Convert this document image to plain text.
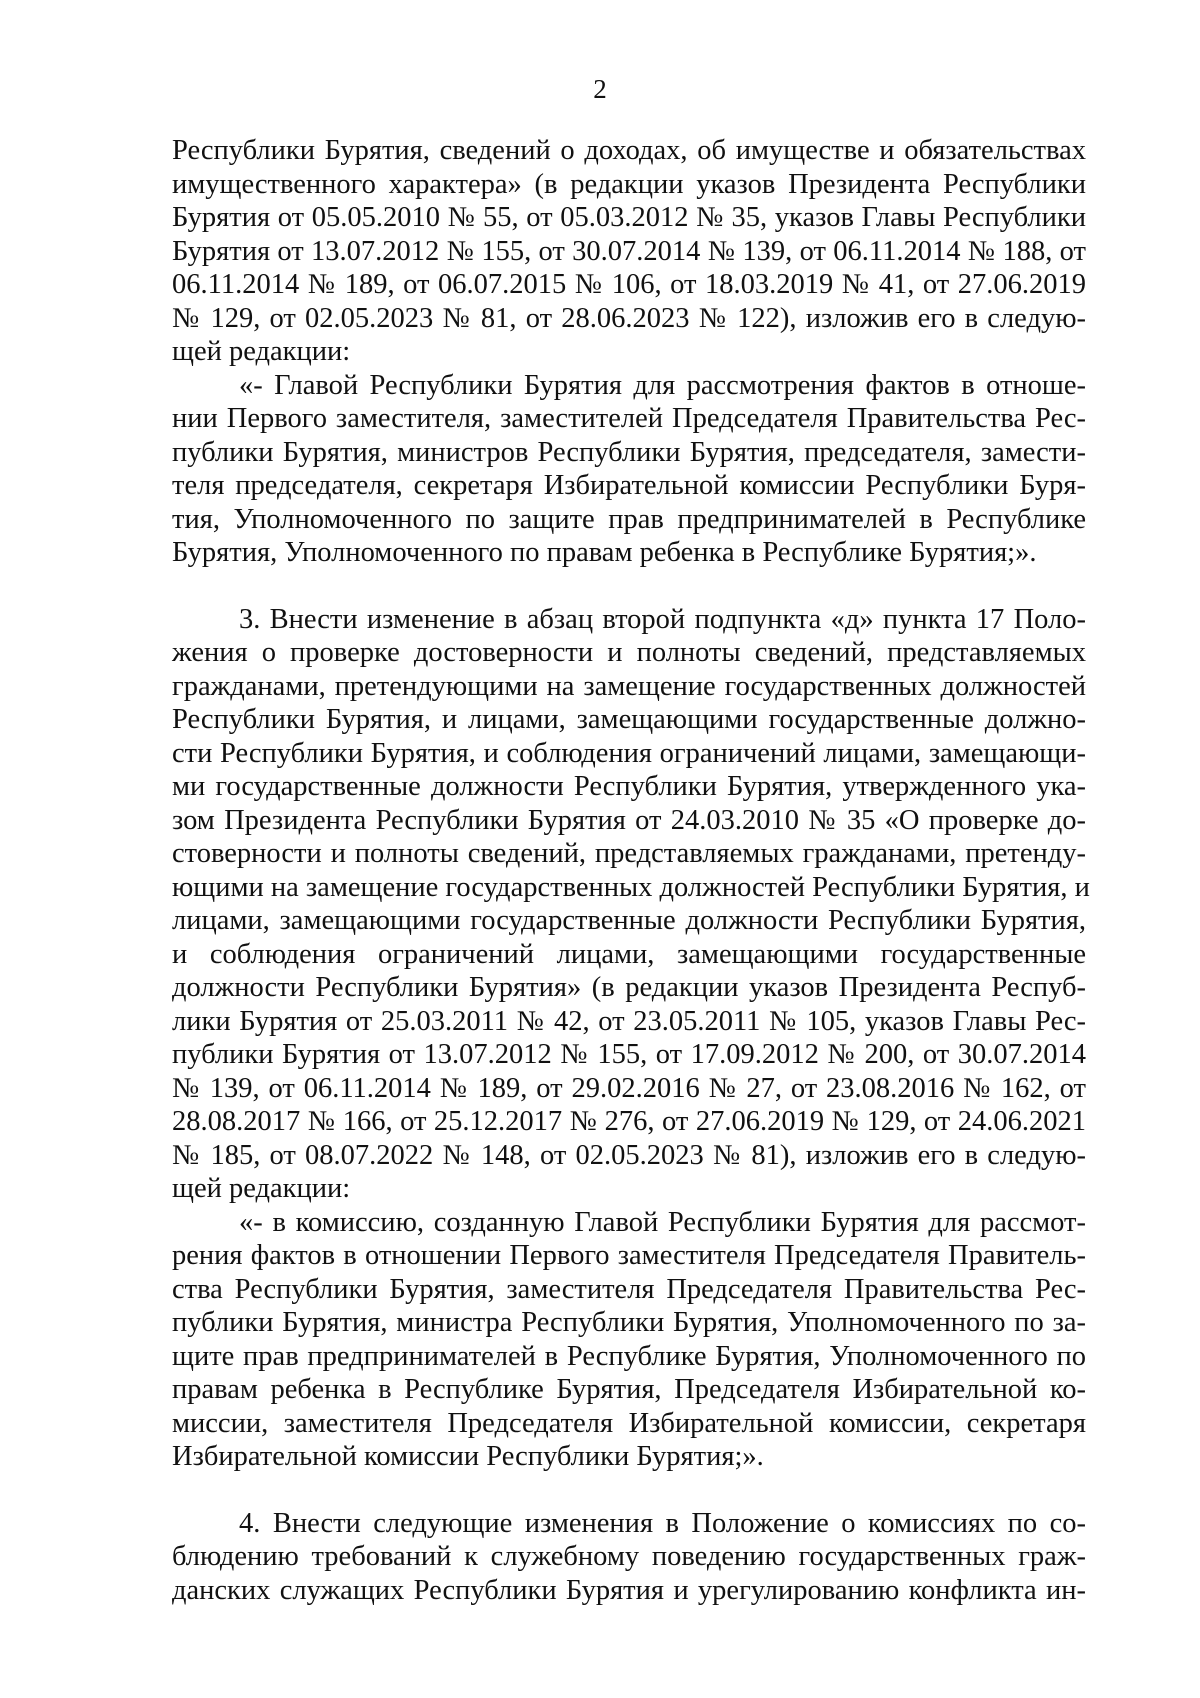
2
Республики Бурятия, сведений о доходах, об имуществе и обязательствах
имущественного характера» (в редакции указов Президента Республики
Бурятия от 05.05.2010 № 55, от 05.03.2012 № 35, указов Главы Республики
Бурятия от 13.07.2012 № 155, от 30.07.2014 № 139, от 06.11.2014 № 188, от
06.11.2014 № 189, от 06.07.2015 № 106, от 18.03.2019 № 41, от 27.06.2019
№ 129, от 02.05.2023 № 81, от 28.06.2023 № 122), изложив его в следую-
щей редакции:
«- Главой Республики Бурятия для рассмотрения фактов в отноше-
нии Первого заместителя, заместителей Председателя Правительства Рес-
публики Бурятия, министров Республики Бурятия, председателя, замести-
теля председателя, секретаря Избирательной комиссии Республики Буря-
тия, Уполномоченного по защите прав предпринимателей в Республике
Бурятия, Уполномоченного по правам ребенка в Республике Бурятия;».
3. Внести изменение в абзац второй подпункта «д» пункта 17 Поло-
жения о проверке достоверности и полноты сведений, представляемых
гражданами, претендующими на замещение государственных должностей
Республики Бурятия, и лицами, замещающими государственные должно-
сти Республики Бурятия, и соблюдения ограничений лицами, замещающи-
ми государственные должности Республики Бурятия, утвержденного ука-
зом Президента Республики Бурятия от 24.03.2010 № 35 «О проверке до-
стоверности и полноты сведений, представляемых гражданами, претенду-
ющими на замещение государственных должностей Республики Бурятия, и
лицами, замещающими государственные должности Республики Бурятия,
и соблюдения ограничений лицами, замещающими государственные
должности Республики Бурятия» (в редакции указов Президента Респуб-
лики Бурятия от 25.03.2011 № 42, от 23.05.2011 № 105, указов Главы Рес-
публики Бурятия от 13.07.2012 № 155, от 17.09.2012 № 200, от 30.07.2014
№ 139, от 06.11.2014 № 189, от 29.02.2016 № 27, от 23.08.2016 № 162, от
28.08.2017 № 166, от 25.12.2017 № 276, от 27.06.2019 № 129, от 24.06.2021
№ 185, от 08.07.2022 № 148, от 02.05.2023 № 81), изложив его в следую-
щей редакции:
«- в комиссию, созданную Главой Республики Бурятия для рассмот-
рения фактов в отношении Первого заместителя Председателя Правитель-
ства Республики Бурятия, заместителя Председателя Правительства Рес-
публики Бурятия, министра Республики Бурятия, Уполномоченного по за-
щите прав предпринимателей в Республике Бурятия, Уполномоченного по
правам ребенка в Республике Бурятия, Председателя Избирательной ко-
миссии, заместителя Председателя Избирательной комиссии, секретаря
Избирательной комиссии Республики Бурятия;».
4. Внести следующие изменения в Положение о комиссиях по со-
блюдению требований к служебному поведению государственных граж-
данских служащих Республики Бурятия и урегулированию конфликта ин-
